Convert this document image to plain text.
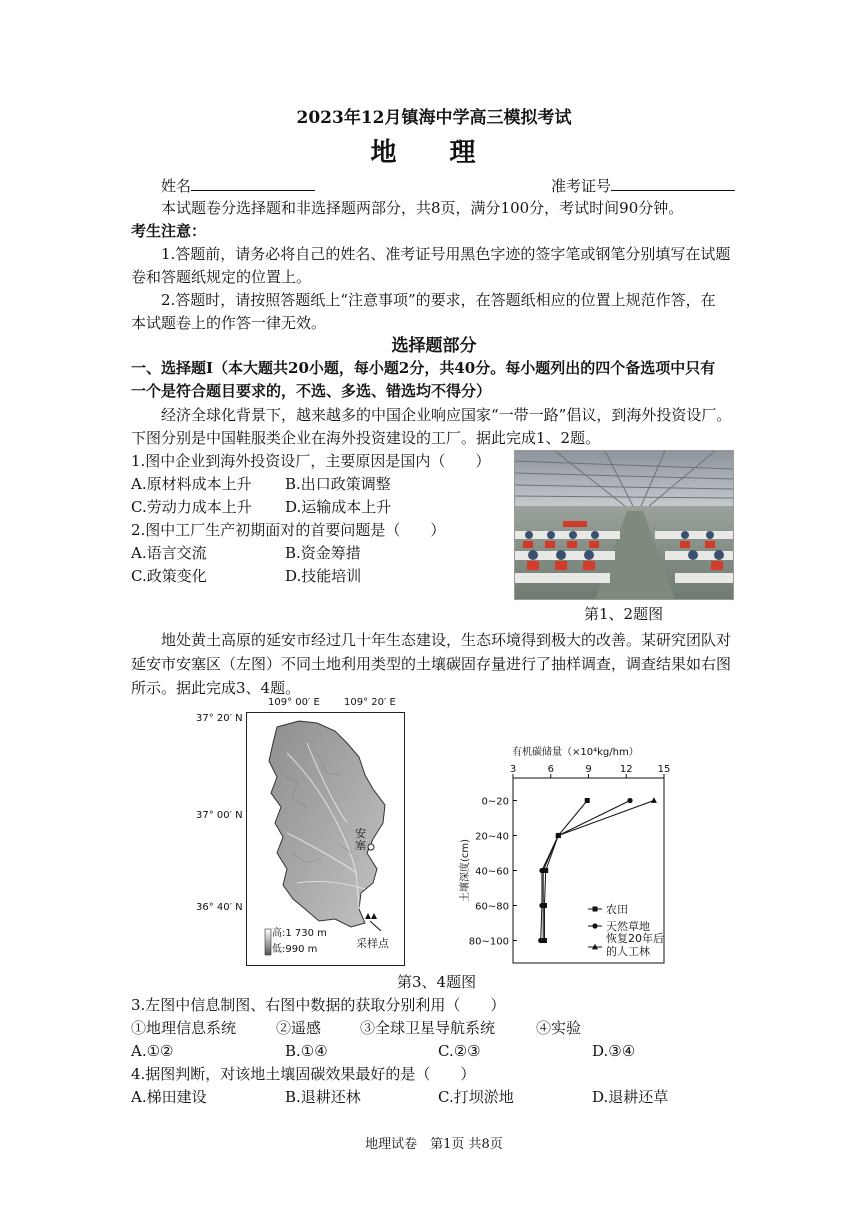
2023年12月镇海中学高三模拟考试
地 理
姓名	准考证号
本试题卷分选择题和非选择题两部分，共8页，满分100分，考试时间90分钟。
考生注意：
1.答题前，请务必将自己的姓名、准考证号用黑色字迹的签字笔或钢笔分别填写在试题
卷和答题纸规定的位置上。
2.答题时，请按照答题纸上“注意事项”的要求，在答题纸相应的位置上规范作答，在
本试题卷上的作答一律无效。
选择题部分
一、选择题Ⅰ（本大题共20小题，每小题2分，共40分。每小题列出的四个备选项中只有
一个是符合题目要求的，不选、多选、错选均不得分）
经济全球化背景下，越来越多的中国企业响应国家“一带一路”倡议，到海外投资设厂。
下图分别是中国鞋服类企业在海外投资建设的工厂。据此完成1、2题。
1.图中企业到海外投资设厂，主要原因是国内（　　）
A.原材料成本上升 B.出口政策调整
C.劳动力成本上升 D.运输成本上升
2.图中工厂生产初期面对的首要问题是（　　）
A.语言交流	B.资金筹措
C.政策变化	D.技能培训
第1、2题图
地处黄土高原的延安市经过几十年生态建设，生态环境得到极大的改善。某研究团队对
延安市安塞区（左图）不同土地利用类型的土壤碳固存量进行了抽样调查，调查结果如右图
所示。据此完成3、4题。
109° 00′ E 109° 20′ E
37° 20′ N
37° 00′ N
36° 40′ N
安塞
高:1 730 m
低:990 m	采样点
有机碳储量（×10⁴kg/hm）
3	6	9	12	15
0~20
20~40
40~60
60~80
80~100
土壤深度(cm)
农田
天然草地
恢复20年后
的人工林
第3、4题图
3.左图中信息制图、右图中数据的获取分别利用（　　）
①地理信息系统	②遥感	③全球卫星导航系统	④实验
A.①②	B.①④	C.②③	D.③④
4.据图判断，对该地土壤固碳效果最好的是（　　）
A.梯田建设	B.退耕还林	C.打坝淤地	D.退耕还草
地理试卷　第1页 共8页
